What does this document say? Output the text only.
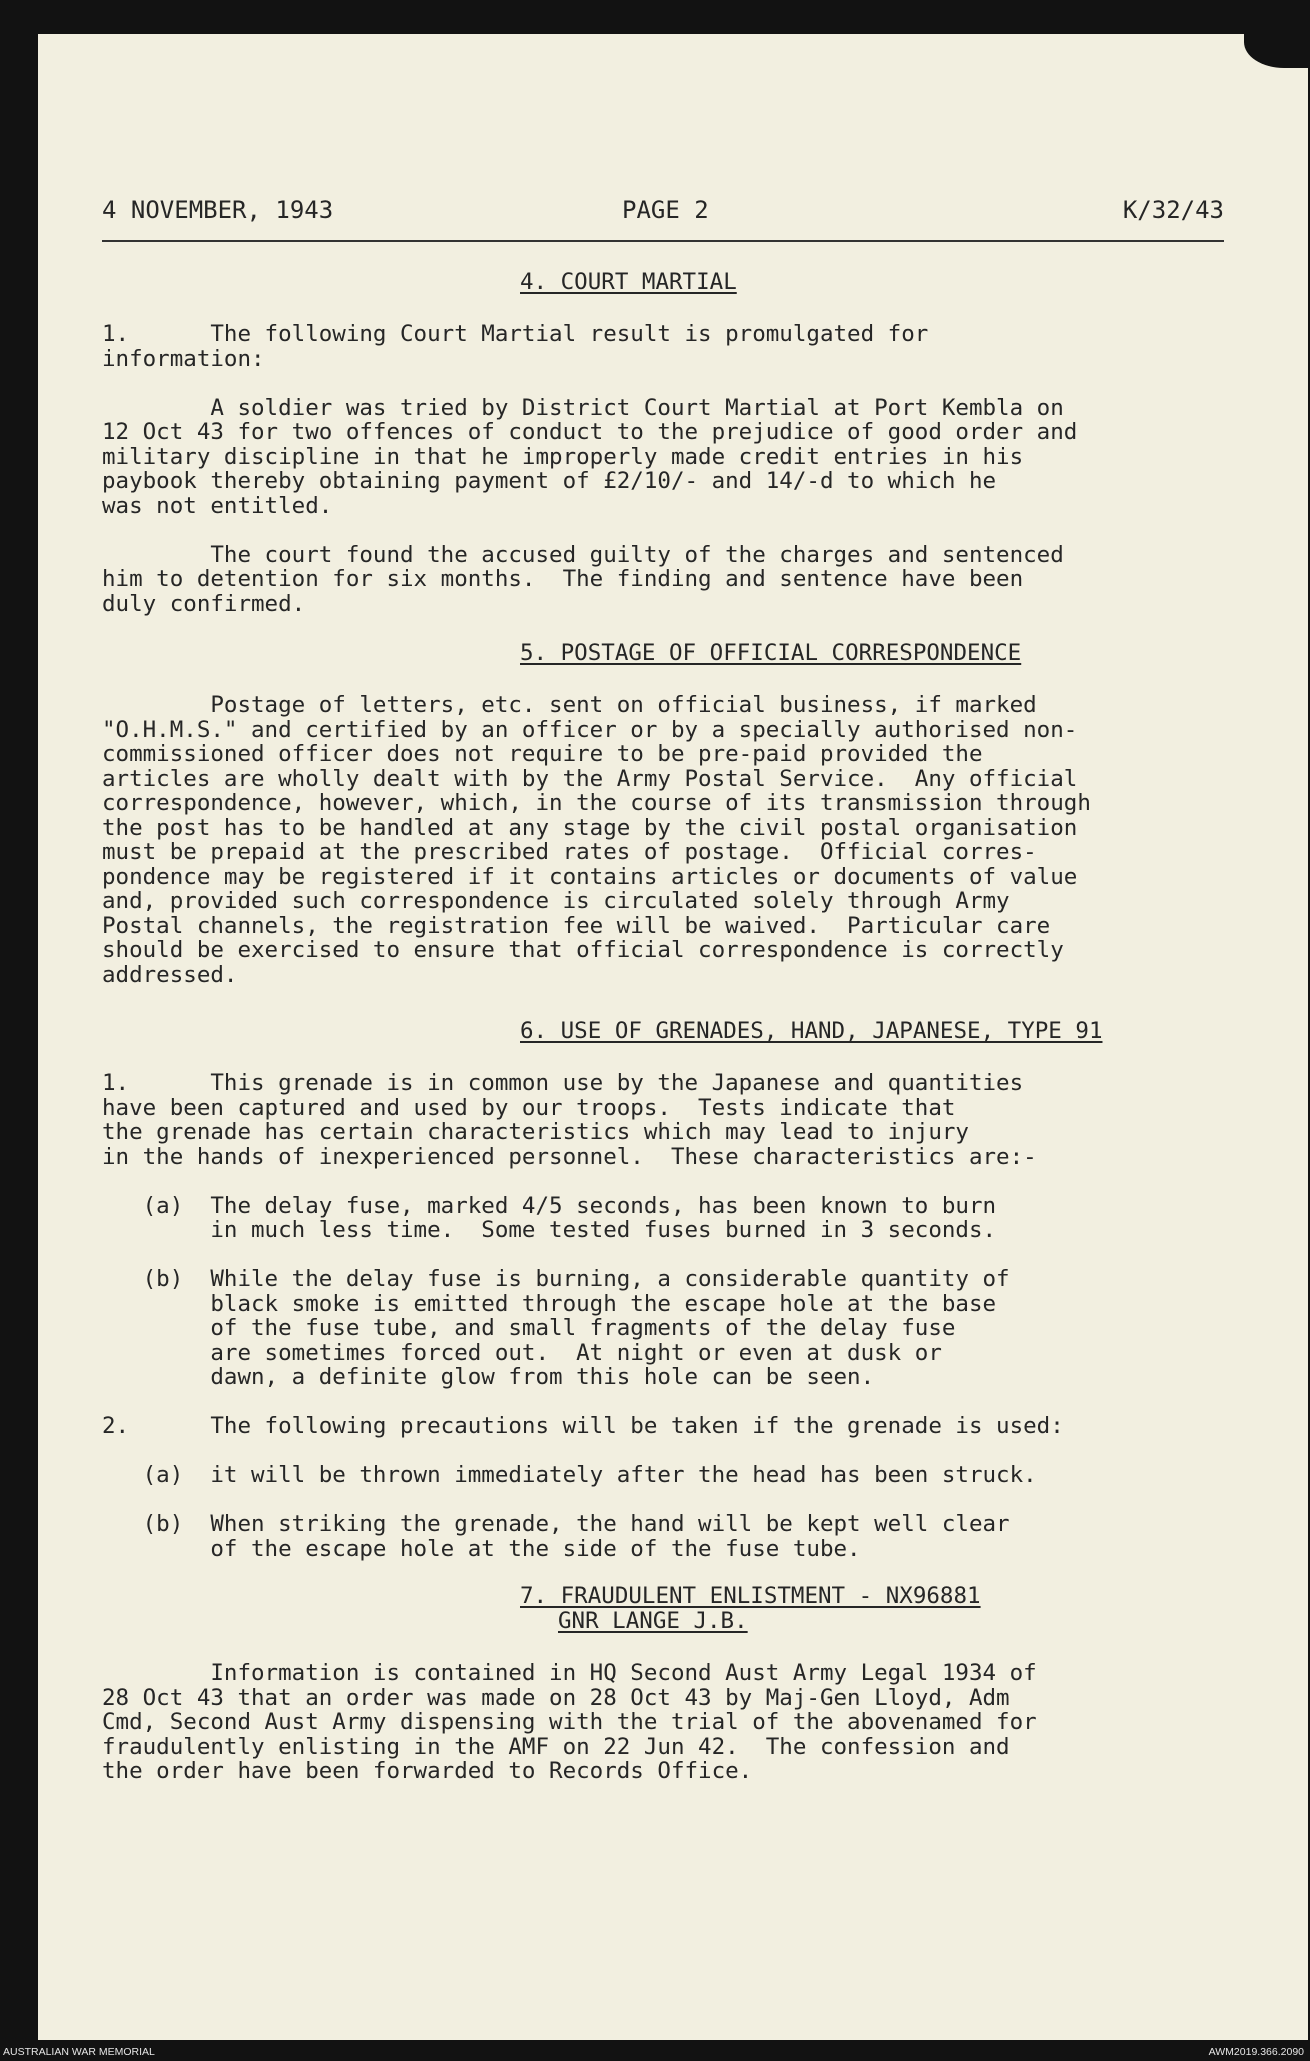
4 NOVEMBER, 1943	PAGE 2	K/32/43
4. COURT MARTIAL

1.      The following Court Martial result is promulgated for

information:

A soldier was tried by District Court Martial at Port Kembla on

12 Oct 43 for two offences of conduct to the prejudice of good order and

military discipline in that he improperly made credit entries in his

paybook thereby obtaining payment of £2/10/- and 14/-d to which he

was not entitled.

The court found the accused guilty of the charges and sentenced

him to detention for six months.  The finding and sentence have been

duly confirmed.

5. POSTAGE OF OFFICIAL CORRESPONDENCE

Postage of letters, etc. sent on official business, if marked

"O.H.M.S." and certified by an officer or by a specially authorised non-

commissioned officer does not require to be pre-paid provided the

articles are wholly dealt with by the Army Postal Service.  Any official

correspondence, however, which, in the course of its transmission through

the post has to be handled at any stage by the civil postal organisation

must be prepaid at the prescribed rates of postage.  Official corres-

pondence may be registered if it contains articles or documents of value

and, provided such correspondence is circulated solely through Army

Postal channels, the registration fee will be waived.  Particular care

should be exercised to ensure that official correspondence is correctly

addressed.

6. USE OF GRENADES, HAND, JAPANESE, TYPE 91

1.      This grenade is in common use by the Japanese and quantities

have been captured and used by our troops.  Tests indicate that

the grenade has certain characteristics which may lead to injury

in the hands of inexperienced personnel.  These characteristics are:-

(a)  The delay fuse, marked 4/5 seconds, has been known to burn

in much less time.  Some tested fuses burned in 3 seconds.

(b)  While the delay fuse is burning, a considerable quantity of

black smoke is emitted through the escape hole at the base

of the fuse tube, and small fragments of the delay fuse

are sometimes forced out.  At night or even at dusk or

dawn, a definite glow from this hole can be seen.

2.      The following precautions will be taken if the grenade is used:

(a)  it will be thrown immediately after the head has been struck.

(b)  When striking the grenade, the hand will be kept well clear

of the escape hole at the side of the fuse tube.

7. FRAUDULENT ENLISTMENT - NX96881
GNR LANGE J.B.

Information is contained in HQ Second Aust Army Legal 1934 of

28 Oct 43 that an order was made on 28 Oct 43 by Maj-Gen Lloyd, Adm

Cmd, Second Aust Army dispensing with the trial of the abovenamed for

fraudulently enlisting in the AMF on 22 Jun 42.  The confession and

the order have been forwarded to Records Office.

AUSTRALIAN WAR MEMORIAL	AWM2019.366.2090
